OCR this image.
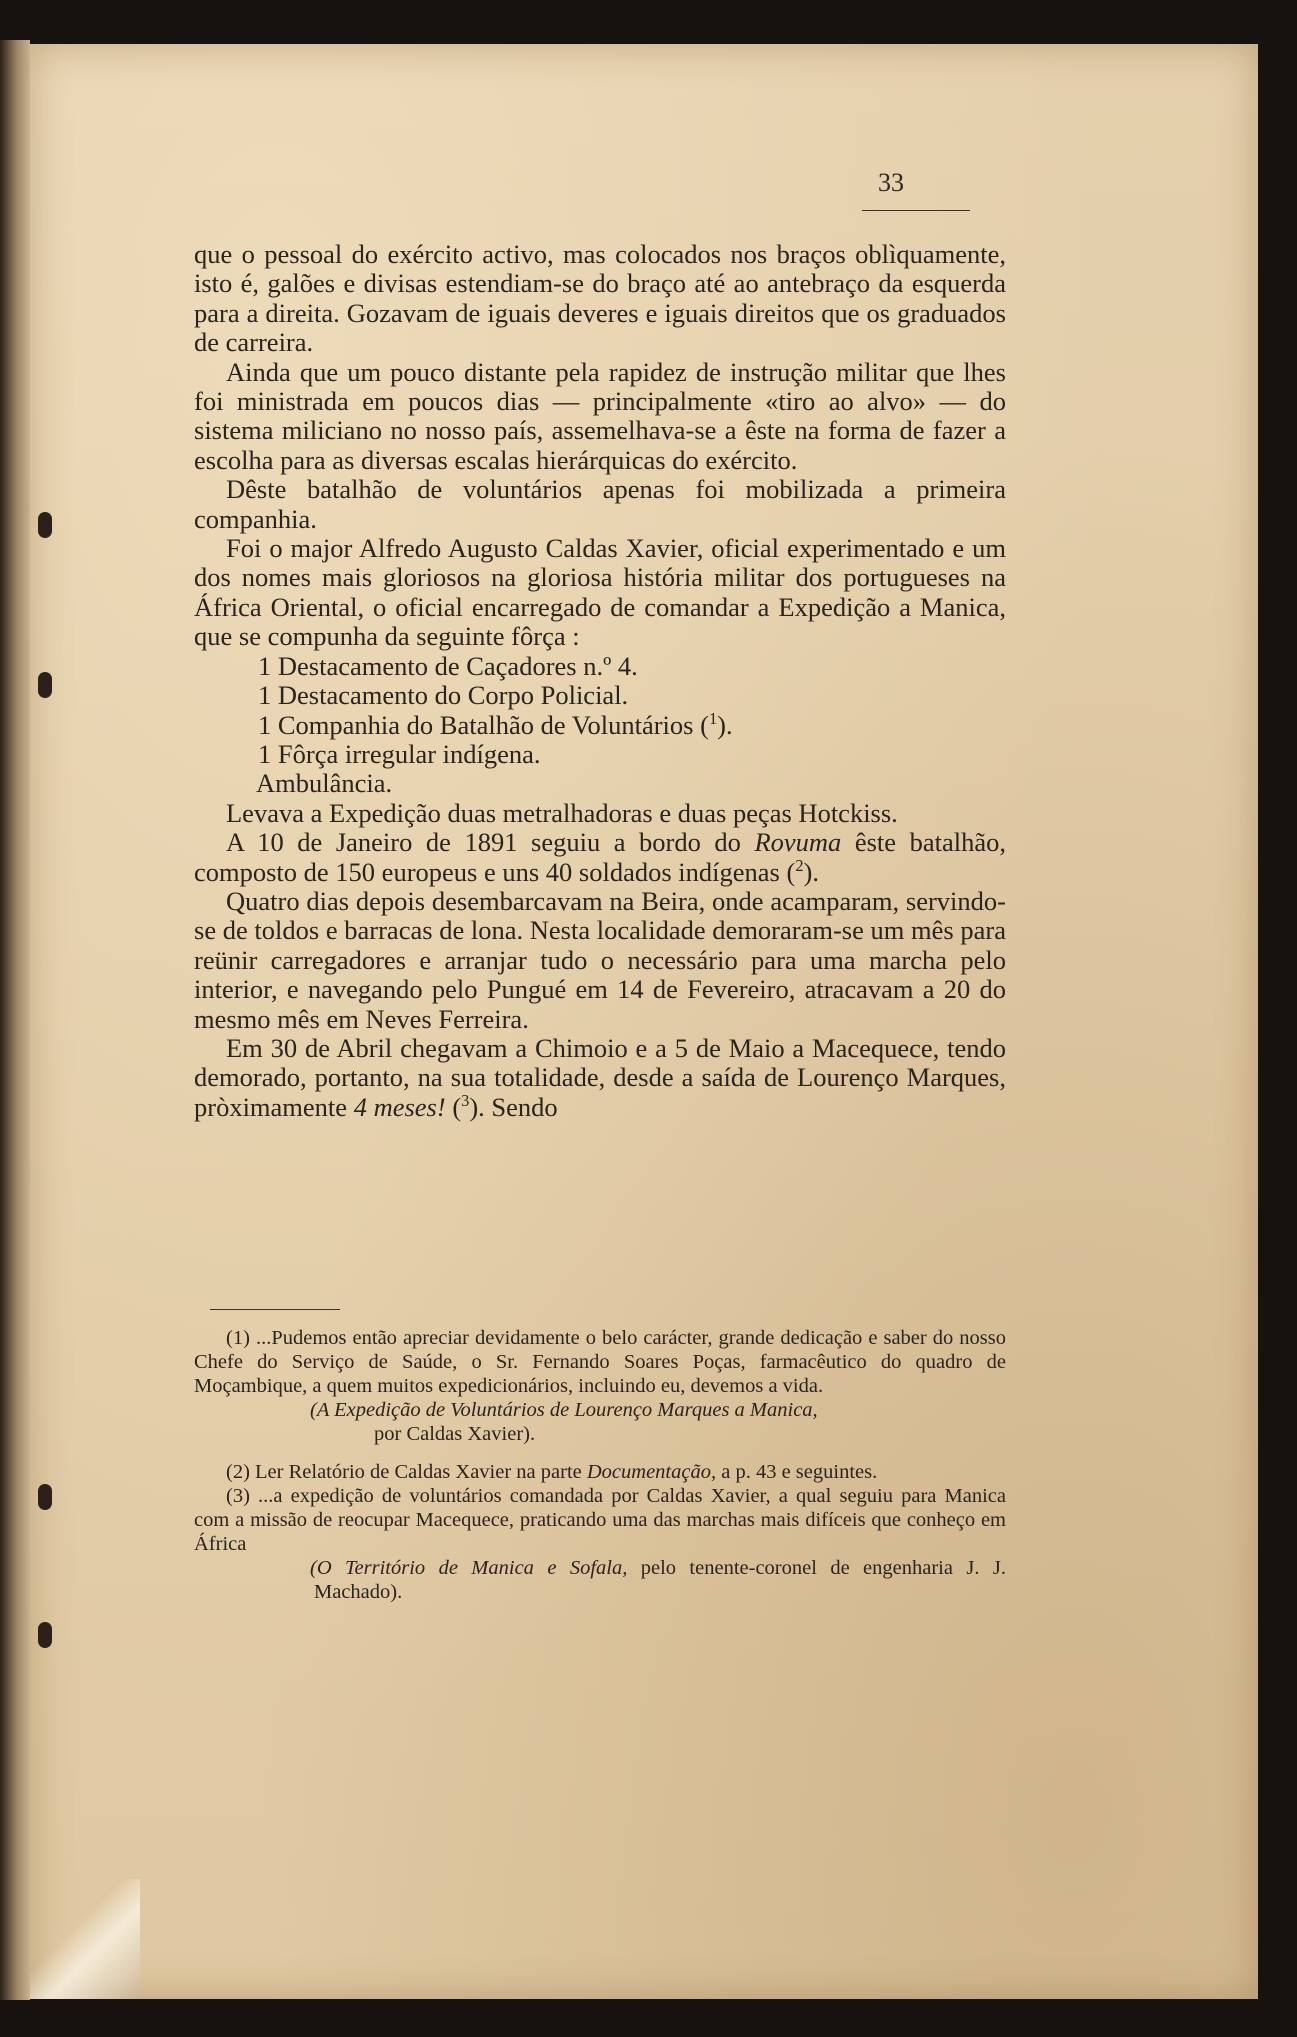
33

que o pessoal do exército activo, mas colocados nos braços oblìquamente, isto é, galões e divisas estendiam-se do braço até ao antebraço da esquerda para a direita. Gozavam de iguais deveres e iguais direitos que os graduados de carreira.

Ainda que um pouco distante pela rapidez de instrução militar que lhes foi ministrada em poucos dias — principalmente «tiro ao alvo» — do sistema miliciano no nosso país, assemelhava-se a êste na forma de fazer a escolha para as diversas escalas hierárquicas do exército.

Dêste batalhão de voluntários apenas foi mobilizada a primeira companhia.

Foi o major Alfredo Augusto Caldas Xavier, oficial experimentado e um dos nomes mais gloriosos na gloriosa história militar dos portugueses na África Oriental, o oficial encarregado de comandar a Expedição a Manica, que se compunha da seguinte fôrça :

1 Destacamento de Caçadores n.º 4.

1 Destacamento do Corpo Policial.

1 Companhia do Batalhão de Voluntários ($^1$).

1 Fôrça irregular indígena.

Ambulância.

Levava a Expedição duas metralhadoras e duas peças Hotckiss.

A 10 de Janeiro de 1891 seguiu a bordo do Rovuma êste batalhão, composto de 150 europeus e uns 40 soldados indígenas ($^2$).

Quatro dias depois desembarcavam na Beira, onde acamparam, servindo-se de toldos e barracas de lona. Nesta localidade demoraram-se um mês para reünir carregadores e arranjar tudo o necessário para uma marcha pelo interior, e navegando pelo Pungué em 14 de Fevereiro, atracavam a 20 do mesmo mês em Neves Ferreira.

Em 30 de Abril chegavam a Chimoio e a 5 de Maio a Macequece, tendo demorado, portanto, na sua totalidade, desde a saída de Lourenço Marques, pròximamente 4 meses! ($^3$). Sendo

(1) ...Pudemos então apreciar devidamente o belo carácter, grande dedicação e saber do nosso Chefe do Serviço de Saúde, o Sr. Fernando Soares Poças, farmacêutico do quadro de Moçambique, a quem muitos expedicionários, incluindo eu, devemos a vida.

(A Expedição de Voluntários de Lourenço Marques a Manica,
por Caldas Xavier).

(2) Ler Relatório de Caldas Xavier na parte Documentação, a p. 43 e seguintes.

(3) ...a expedição de voluntários comandada por Caldas Xavier, a qual seguiu para Manica com a missão de reocupar Macequece, praticando uma das marchas mais difíceis que conheço em África

(O Território de Manica e Sofala, pelo tenente-coronel de engenharia J. J. Machado).
